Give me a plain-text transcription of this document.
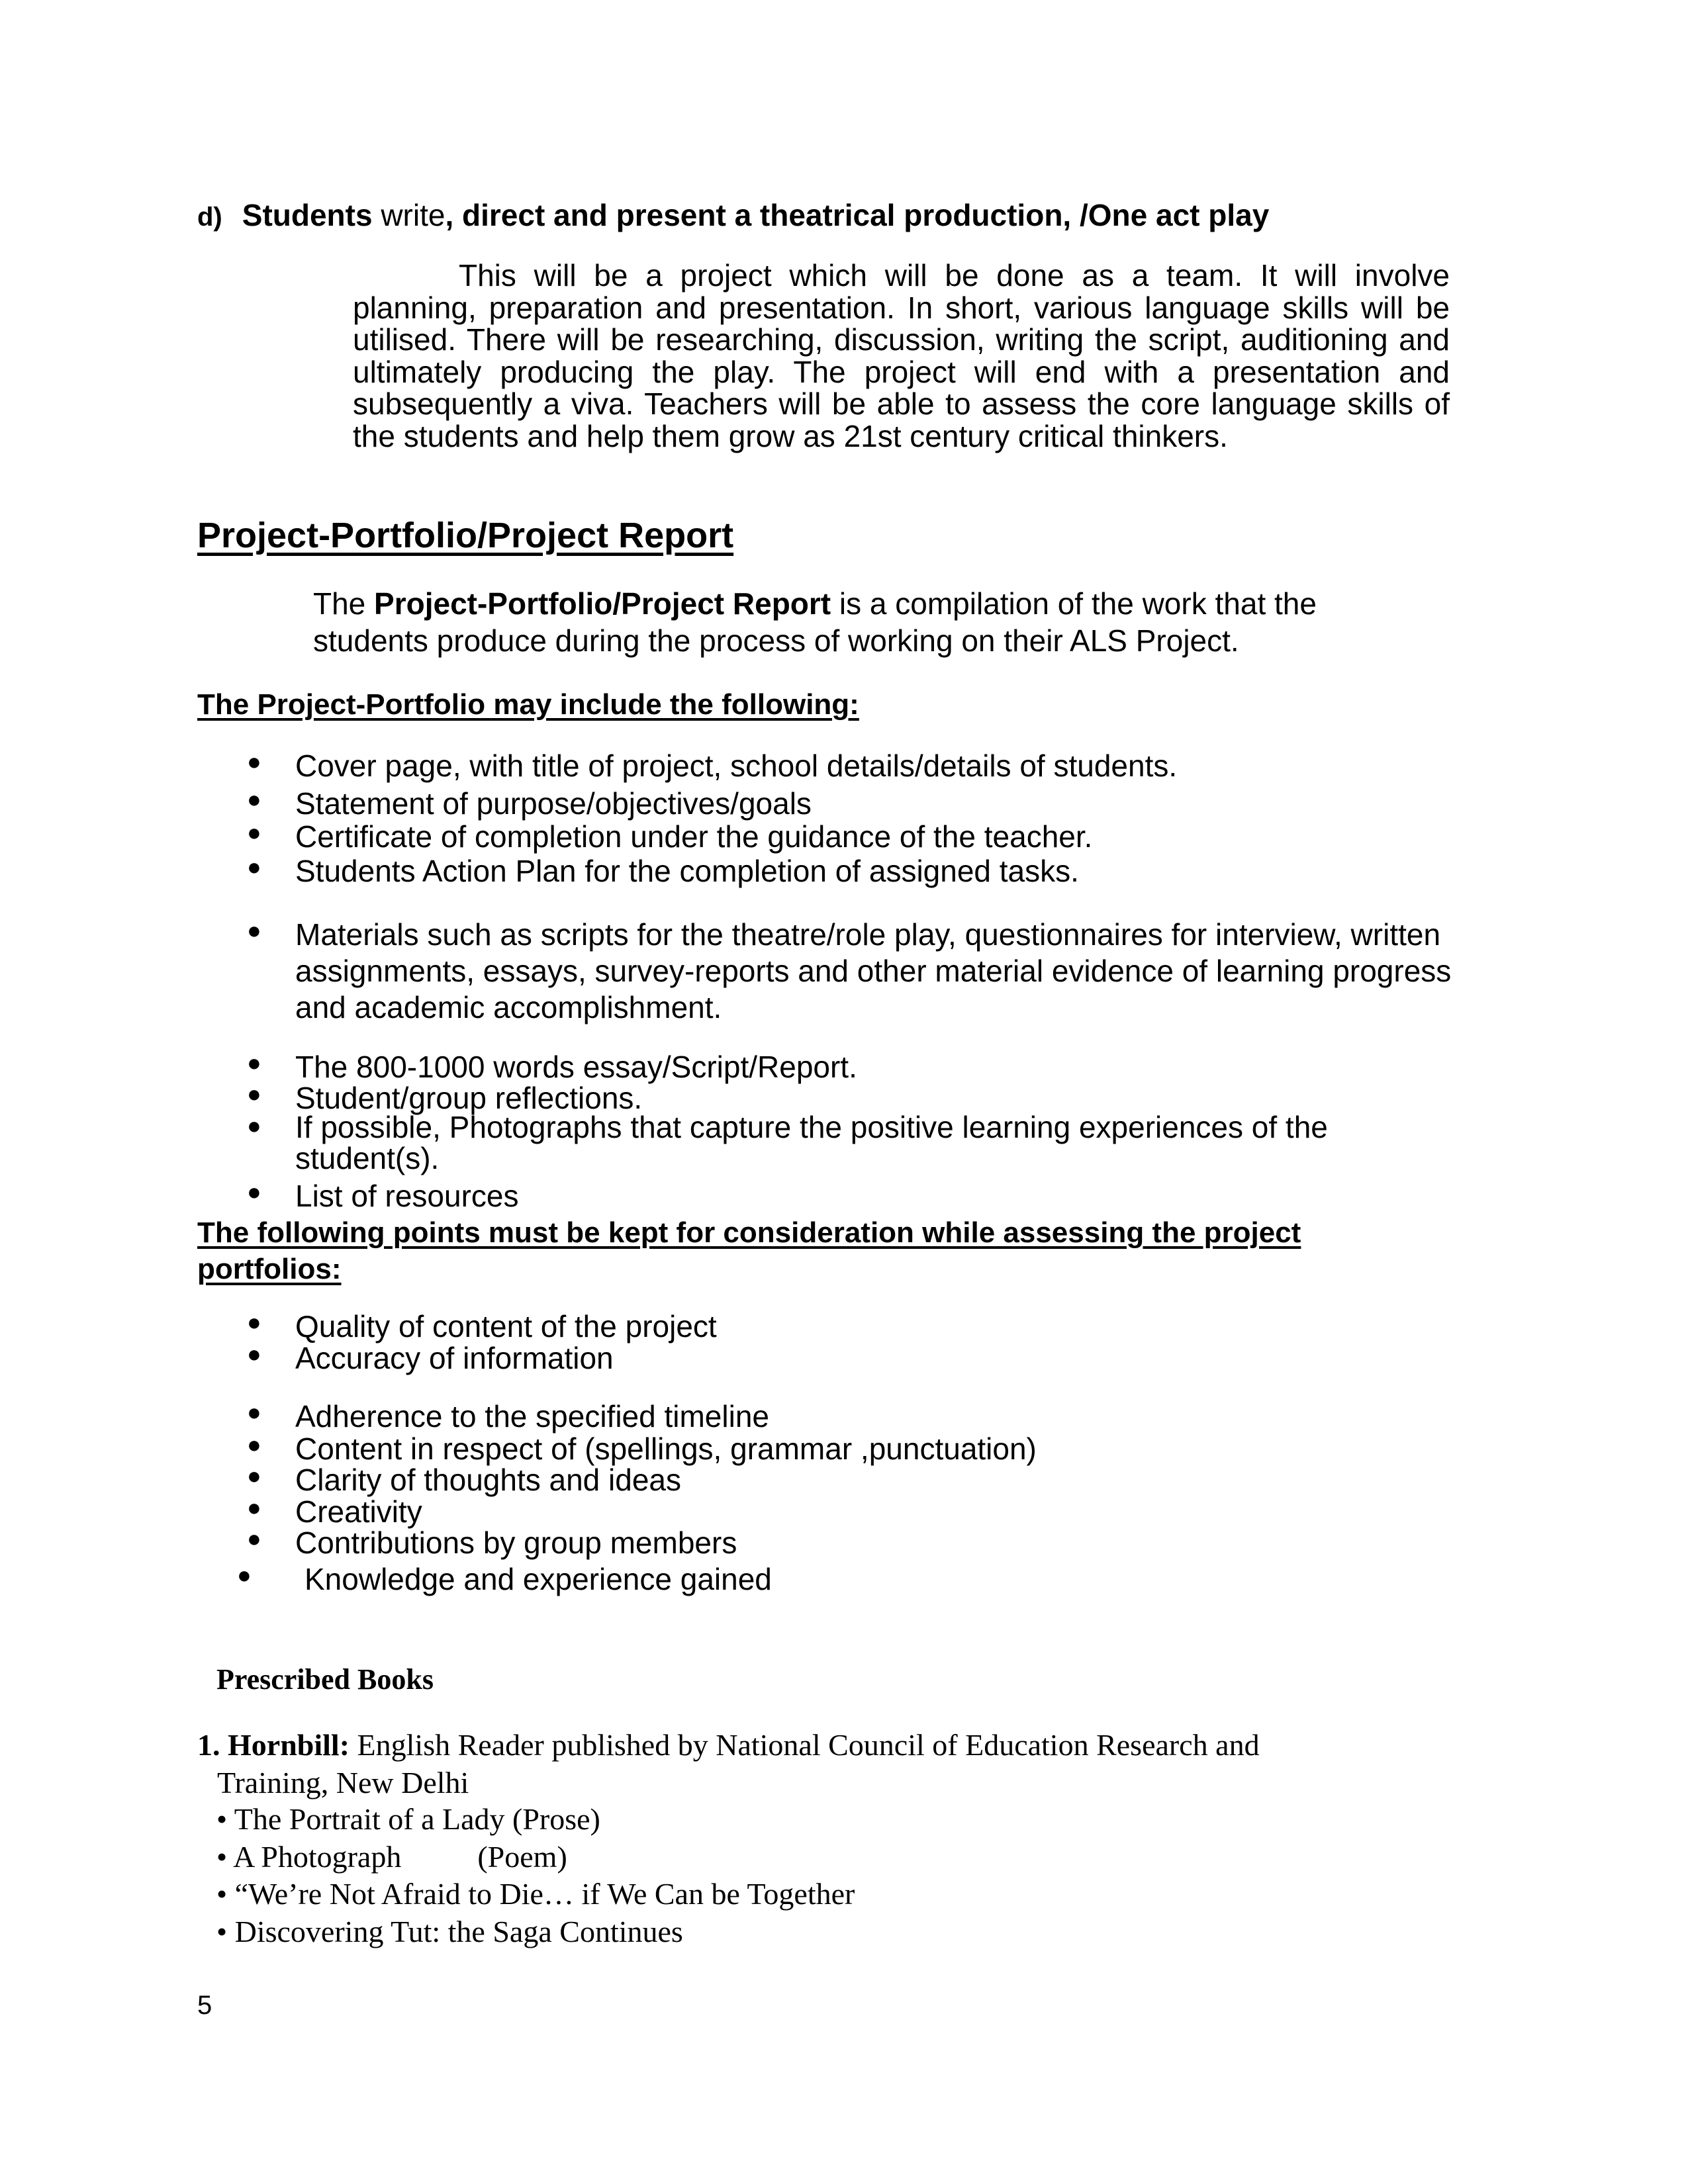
d) Students write, direct and present a theatrical production, /One act play
This will be a project which will be done as a team. It will involve planning, preparation and presentation. In short, various language skills will be utilised. There will be researching, discussion, writing the script, auditioning and ultimately producing the play. The project will end with a presentation and subsequently a viva. Teachers will be able to assess the core language skills of the students and help them grow as 21st century critical thinkers.
Project-Portfolio/Project Report
The Project-Portfolio/Project Report is a compilation of the work that the students produce during the process of working on their ALS Project.
The Project-Portfolio may include the following:
● Cover page, with title of project, school details/details of students.
● Statement of purpose/objectives/goals
● Certificate of completion under the guidance of the teacher.
● Students Action Plan for the completion of assigned tasks.
● Materials such as scripts for the theatre/role play, questionnaires for interview, written assignments, essays, survey-reports and other material evidence of learning progress and academic accomplishment.
● The 800-1000 words essay/Script/Report.
● Student/group reflections.
● If possible, Photographs that capture the positive learning experiences of the student(s).
● List of resources
The following points must be kept for consideration while assessing the project portfolios:
● Quality of content of the project
● Accuracy of information
● Adherence to the specified timeline
● Content in respect of (spellings, grammar ,punctuation)
● Clarity of thoughts and ideas
● Creativity
● Contributions by group members
● Knowledge and experience gained
Prescribed Books
1. Hornbill: English Reader published by National Council of Education Research and
Training, New Delhi
• The Portrait of a Lady (Prose)
• A Photograph          (Poem)
• “We’re Not Afraid to Die… if We Can be Together
• Discovering Tut: the Saga Continues
5
